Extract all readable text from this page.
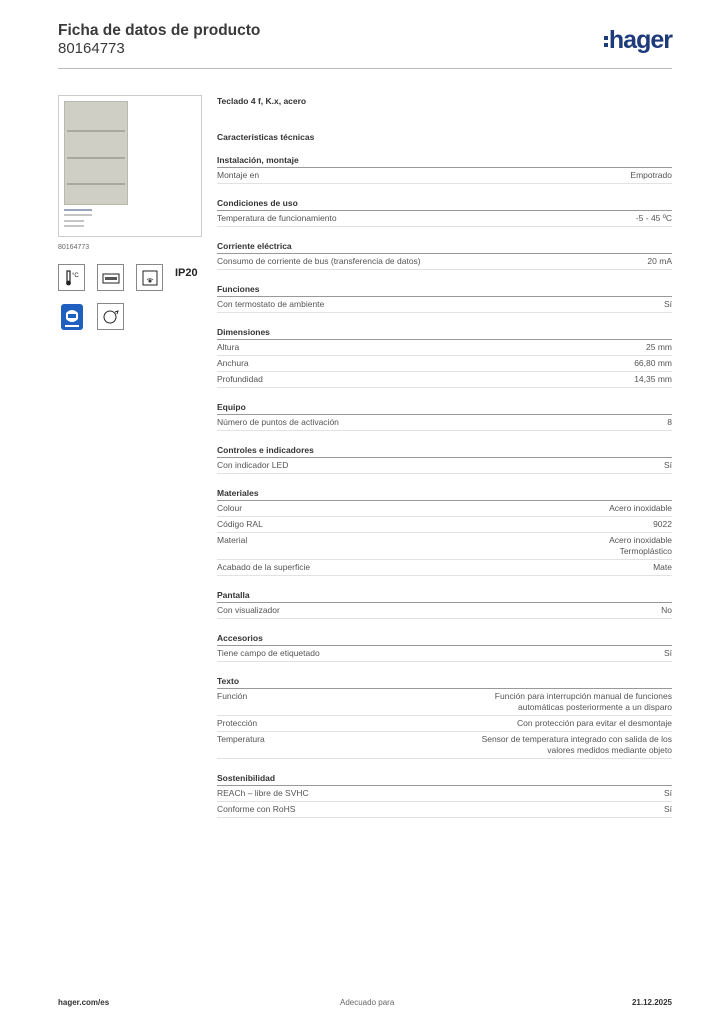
Ficha de datos de producto
80164773	hager
80164773
°C	IP20
Teclado 4 f, K.x, acero
Características técnicas
Instalación, montaje
Montaje en	Empotrado
Condiciones de uso
Temperatura de funcionamiento	-5 - 45 ºC
Corriente eléctrica
Consumo de corriente de bus (transferencia de datos)	20 mA
Funciones
Con termostato de ambiente	Sí
Dimensiones
Altura	25 mm
Anchura	66,80 mm
Profundidad	14,35 mm
Equipo
Número de puntos de activación	8
Controles e indicadores
Con indicador LED	Sí
Materiales
Colour	Acero inoxidable
Código RAL	9022
Material	Acero inoxidable
Termoplástico
Acabado de la superficie	Mate
Pantalla
Con visualizador	No
Accesorios
Tiene campo de etiquetado	Sí
Texto
Función	Función para interrupción manual de funciones
automáticas posteriormente a un disparo
Protección	Con protección para evitar el desmontaje
Temperatura	Sensor de temperatura integrado con salida de los
valores medidos mediante objeto
Sostenibilidad
REACh – libre de SVHC	Sí
Conforme con RoHS	Sí
hager.com/es	Adecuado para	21.12.2025
